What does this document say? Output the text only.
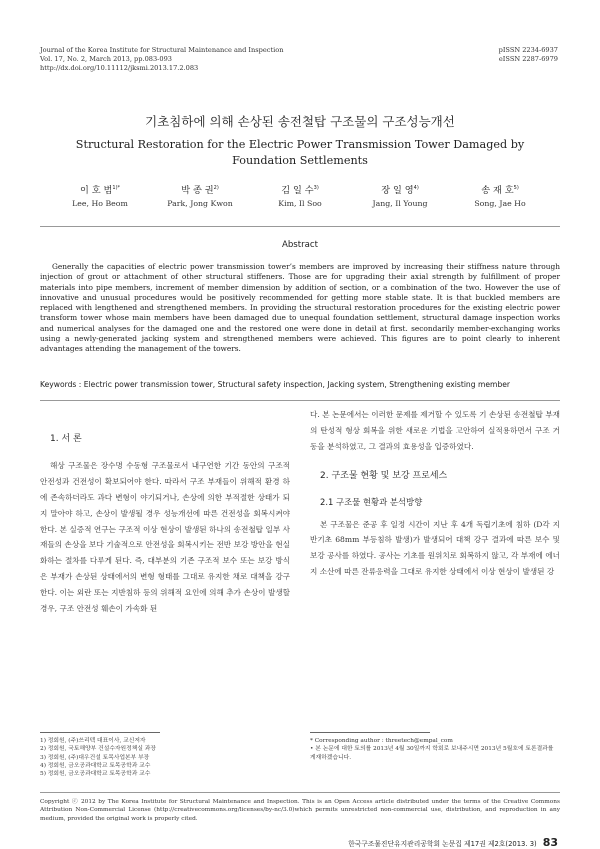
Journal of the Korea Institute for Structural Maintenance and Inspection
Vol. 17, No. 2, March 2013, pp.083-093
http://dx.doi.org/10.11112/jksmi.2013.17.2.083
pISSN 2234-6937
eISSN 2287-6979
기초침하에 의해 손상된 송전철탑 구조물의 구조성능개선
Structural Restoration for the Electric Power Transmission Tower Damaged by
Foundation Settlements
이 호 범$^{1)*}$
Lee, Ho Beom
박 종 권$^{2)}$
Park, Jong Kwon
김 일 수$^{3)}$
Kim, Il Soo
장 일 영$^{4)}$
Jang, Il Young
송 재 호$^{5)}$
Song, Jae Ho
Abstract
Generally the capacities of electric power transmission tower’s members are improved by increasing their stiffness nature through injection of grout or attachment of other structural stiffeners. Those are for upgrading their axial strength by fulfillment of proper materials into pipe members, increment of member dimension by addition of section, or a combination of the two. However the use of innovative and unusual procedures would be positively recommended for getting more stable state. It is that buckled members are replaced with lengthened and strengthened members. In providing the structural restoration procedures for the existing electric power transform tower whose main members have been damaged due to unequal foundation settlement, structural damage inspection works and numerical analyses for the damaged one and the restored one were done in detail at first. secondarily member-exchanging works using a newly-generated jacking system and strengthened members were achieved. This figures are to point clearly to inherent advantages attending the management of the towers.
Keywords : Electric power transmission tower, Structural safety inspection, Jacking system, Strengthening existing member
1. 서 론

해상 구조물은 장수명 수동형 구조물로서 내구연한 기간 동안의 구조적 안전성과 건전성이 확보되어야 한다. 따라서 구조 부재들이 위해적 환경 하에 존속하더라도 과다 변형이 야기되거나, 손상에 의한 부적절한 상태가 되지 말아야 하고, 손상이 발생될 경우 성능개선에 따른 건전성을 회복시켜야 한다. 본 실증적 연구는 구조적 이상 현상이 발생된 하나의 송전철탑 일부 사재들의 손상을 보다 기술적으로 안전성을 회복시키는 전반 보강 방안을 현실화하는 절차를 다루게 된다. 즉, 대부분의 기존 구조적 보수 또는 보강 방식은 부재가 손상된 상태에서의 변형 형태를 그대로 유지한 채로 대책을 강구한다. 이는 외란 또는 지반침하 등의 위해적 요인에 의해 추가 손상이 발생할 경우, 구조 안전성 훼손이 가속화 된

다. 본 논문에서는 이러한 문제를 제거할 수 있도록 기 손상된 송전철탑 부재의 탄성적 형상 회복을 위한 새로운 기법을 고안하여 실적용하면서 구조 거동을 분석하였고, 그 결과의 효용성을 입증하였다.

2. 구조물 현황 및 보강 프로세스
2.1 구조물 현황과 분석방향

본 구조물은 준공 후 일정 시간이 지난 후 4개 독립기초에 침하 (D각 지반기초 68mm 부등침하 발생)가 발생되어 대책 강구 결과에 따른 보수 및 보강 공사를 하였다. 공사는 기초를 원위치로 회복하지 않고, 각 부재에 에너지 소산에 따른 잔류응력을 그대로 유지한 상태에서 이상 현상이 발생된 강

1) 정회원, (주)쓰리텍 대표이사, 교신저자
2) 정회원, 국토해양부 건설수자원정책실 과장
3) 정회원, (주)대우건설 토목사업본부 부장
4) 정회원, 금오공과대학교 토목공학과 교수
5) 정회원, 금오공과대학교 토목공학과 교수
* Corresponding author : threetech@empal_com
• 본 논문에 대한 토의를 2013년 4월 30일까지 학회로 보내주시면 2013년 5월호에 토론결과를 게재하겠습니다.
Copyright ⓒ 2012 by The Korea Institute for Structural Maintenance and Inspection. This is an Open Access article distributed under the terms of the Creative Commons Attribution Non-Commercial License (http://creativecommons.org/licenses/by-nc/3.0)which permits unrestricted non-commercial use, distribution, and reproduction in any medium, provided the original work is properly cited.
한국구조물진단유지관리공학회 논문집 제17권 제2호(2013. 3) 83
